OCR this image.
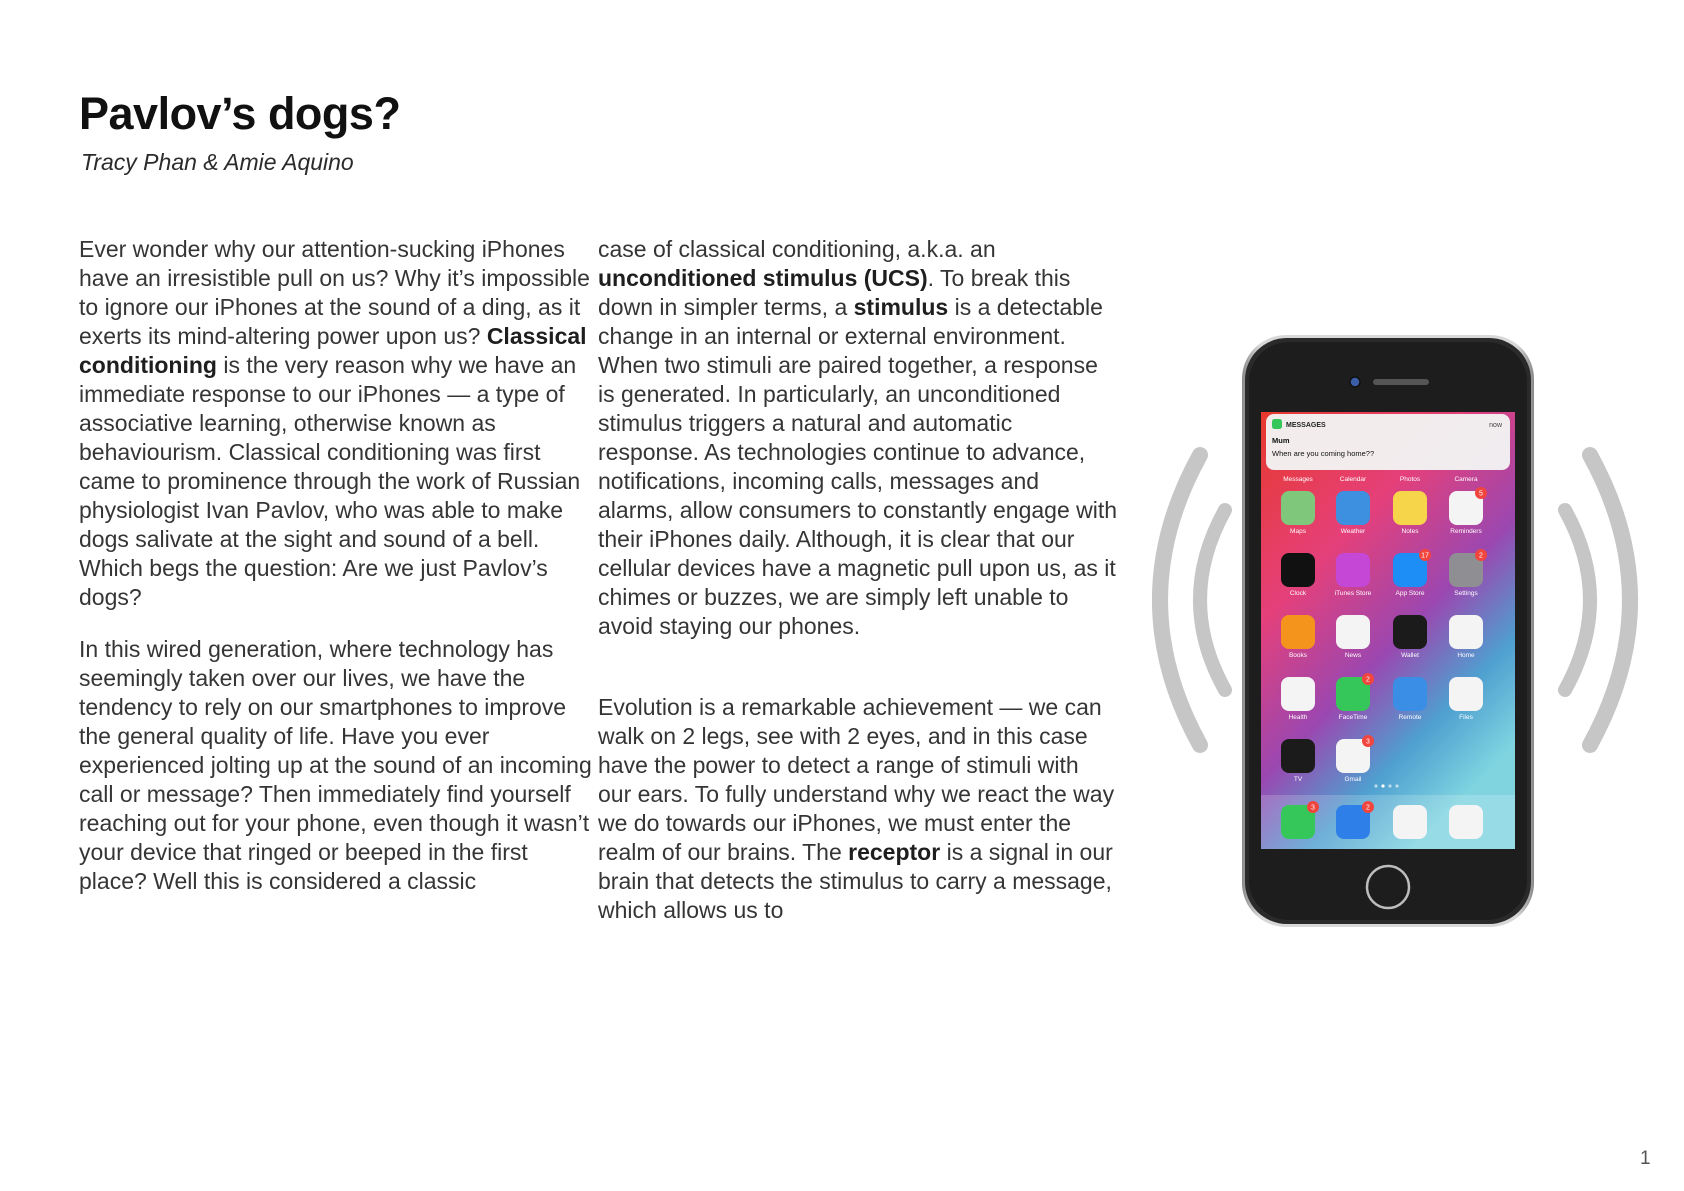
Pavlov’s dogs?

Tracy Phan & Amie Aquino

Ever wonder why our attention-sucking iPhones have an irresistible pull on us? Why it’s impossible to ignore our iPhones at the sound of a ding, as it exerts its mind-altering power upon us? Classical conditioning is the very reason why we have an immediate response to our iPhones — a type of associative learning, otherwise known as behaviourism. Classical conditioning was first came to prominence through the work of Russian physiologist Ivan Pavlov, who was able to make dogs salivate at the sight and sound of a bell. Which begs the question: Are we just Pavlov’s dogs?

In this wired generation, where technology has seemingly taken over our lives, we have the tendency to rely on our smartphones to improve the general quality of life. Have you ever experienced jolting up at the sound of an incoming call or message? Then immediately find yourself reaching out for your phone, even though it wasn’t your device that ringed or beeped in the first place? Well this is considered a classic

case of classical conditioning, a.k.a. an unconditioned stimulus (UCS). To break this down in simpler terms, a stimulus is a detectable change in an internal or external environment. When two stimuli are paired together, a response is generated. In particularly, an unconditioned stimulus triggers a natural and automatic response. As technologies continue to advance, notifications, incoming calls, messages and alarms, allow consumers to constantly engage with their iPhones daily. Although, it is clear that our cellular devices have a magnetic pull upon us, as it chimes or buzzes, we are simply left unable to avoid staying our phones.

Evolution is a remarkable achievement — we can walk on 2 legs, see with 2 eyes, and in this case have the power to detect a range of stimuli with our ears. To fully understand why we react the way we do towards our iPhones, we must enter the realm of our brains. The receptor is a signal in our brain that detects the stimulus to carry a message, which allows us to

MESSAGES	now
Mum
When are you coming home??
Messages	Calendar	Photos	Camera
Maps	Weather	Notes	Reminders
5
Clock	iTunes Store	App Store
17
Settings
2
Books	News	Wallet	Home
Health	FaceTime
2
Remote	Files
TV	Gmail
3
3	2
1
